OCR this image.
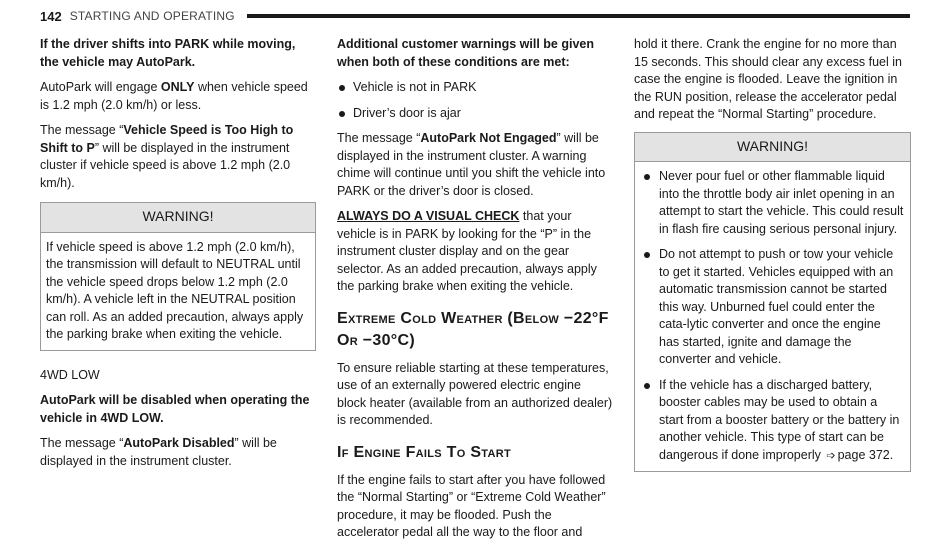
142 STARTING AND OPERATING

If the driver shifts into PARK while moving, the vehicle may AutoPark.

AutoPark will engage ONLY when vehicle speed is 1.2 mph (2.0 km/h) or less.

The message “Vehicle Speed is Too High to Shift to P” will be displayed in the instrument cluster if vehicle speed is above 1.2 mph (2.0 km/h).

WARNING!

If vehicle speed is above 1.2 mph (2.0 km/h), the transmission will default to NEUTRAL until the vehicle speed drops below 1.2 mph (2.0 km/h). A vehicle left in the NEUTRAL position can roll. As an added precaution, always apply the parking brake when exiting the vehicle.

4WD LOW

AutoPark will be disabled when operating the vehicle in 4WD LOW.

The message “AutoPark Disabled” will be displayed in the instrument cluster.

Additional customer warnings will be given when both of these conditions are met:

Vehicle is not in PARK
Driver’s door is ajar

The message “AutoPark Not Engaged” will be displayed in the instrument cluster. A warning chime will continue until you shift the vehicle into PARK or the driver’s door is closed.

ALWAYS DO A VISUAL CHECK that your vehicle is in PARK by looking for the “P” in the instrument cluster display and on the gear selector. As an added precaution, always apply the parking brake when exiting the vehicle.

Extreme Cold Weather (Below −22°F Or −30°C)

To ensure reliable starting at these temperatures, use of an externally powered electric engine block heater (available from an authorized dealer) is recommended.

If Engine Fails To Start

If the engine fails to start after you have followed the “Normal Starting” or “Extreme Cold Weather” procedure, it may be flooded. Push the accelerator pedal all the way to the floor and

hold it there. Crank the engine for no more than 15 seconds. This should clear any excess fuel in case the engine is flooded. Leave the ignition in the RUN position, release the accelerator pedal and repeat the “Normal Starting” procedure.

WARNING!
Never pour fuel or other flammable liquid into the throttle body air inlet opening in an attempt to start the vehicle. This could result in flash fire causing serious personal injury.
Do not attempt to push or tow your vehicle to get it started. Vehicles equipped with an automatic transmission cannot be started this way. Unburned fuel could enter the cata-lytic converter and once the engine has started, ignite and damage the converter and vehicle.
If the vehicle has a discharged battery, booster cables may be used to obtain a start from a booster battery or the battery in another vehicle. This type of start can be dangerous if done improperly ➩ page 372.
